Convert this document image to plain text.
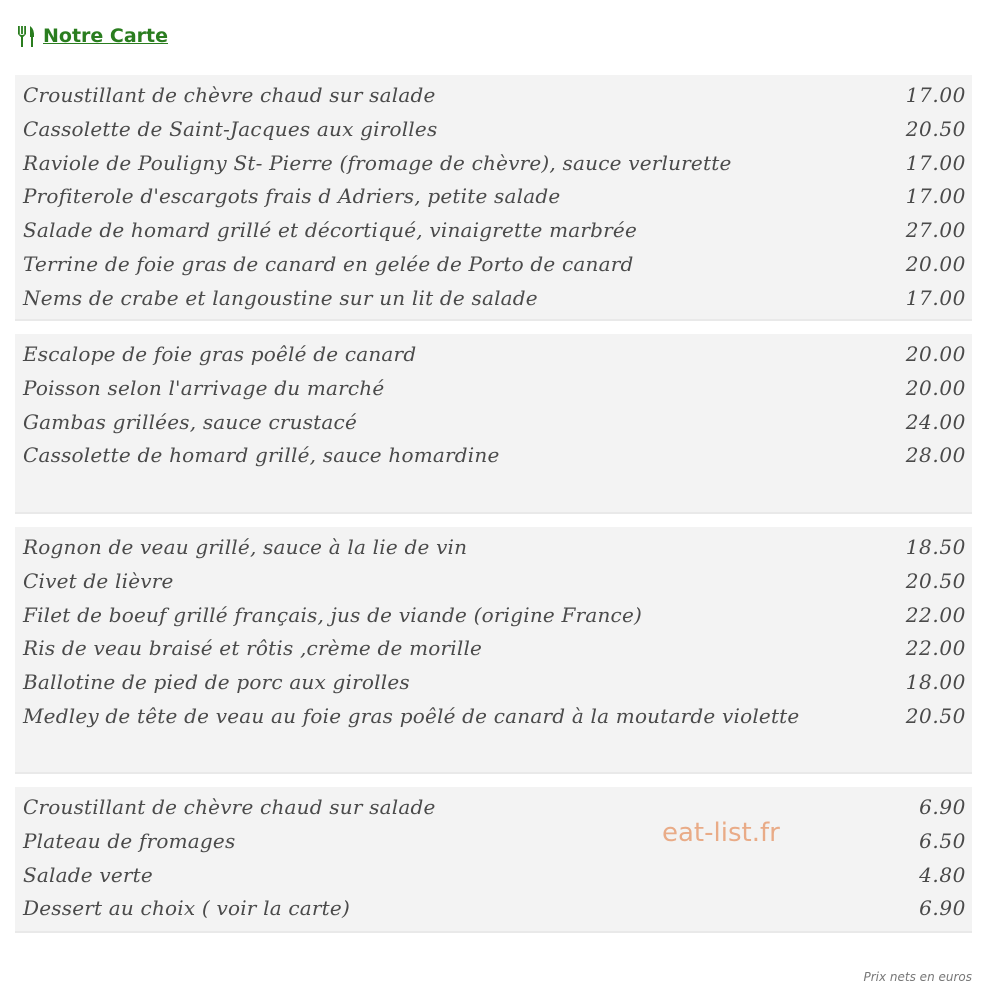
Notre Carte
Croustillant de chèvre chaud sur salade	17.00
Cassolette de Saint-Jacques aux girolles	20.50
Raviole de Pouligny St- Pierre (fromage de chèvre), sauce verlurette	17.00
Profiterole d'escargots frais d Adriers, petite salade	17.00
Salade de homard grillé et décortiqué, vinaigrette marbrée	27.00
Terrine de foie gras de canard en gelée de Porto de canard	20.00
Nems de crabe et langoustine sur un lit de salade	17.00
Escalope de foie gras poêlé de canard	20.00
Poisson selon l'arrivage du marché	20.00
Gambas grillées, sauce crustacé	24.00
Cassolette de homard grillé, sauce homardine	28.00
Rognon de veau grillé, sauce à la lie de vin	18.50
Civet de lièvre	20.50
Filet de boeuf grillé français, jus de viande (origine France)	22.00
Ris de veau braisé et rôtis ,crème de morille	22.00
Ballotine de pied de porc aux girolles	18.00
Medley de tête de veau au foie gras poêlé de canard à la moutarde violette	20.50
Croustillant de chèvre chaud sur salade	6.90
Plateau de fromages	6.50
Salade verte	4.80
Dessert au choix ( voir la carte)	6.90
eat-list.fr
Prix nets en euros
